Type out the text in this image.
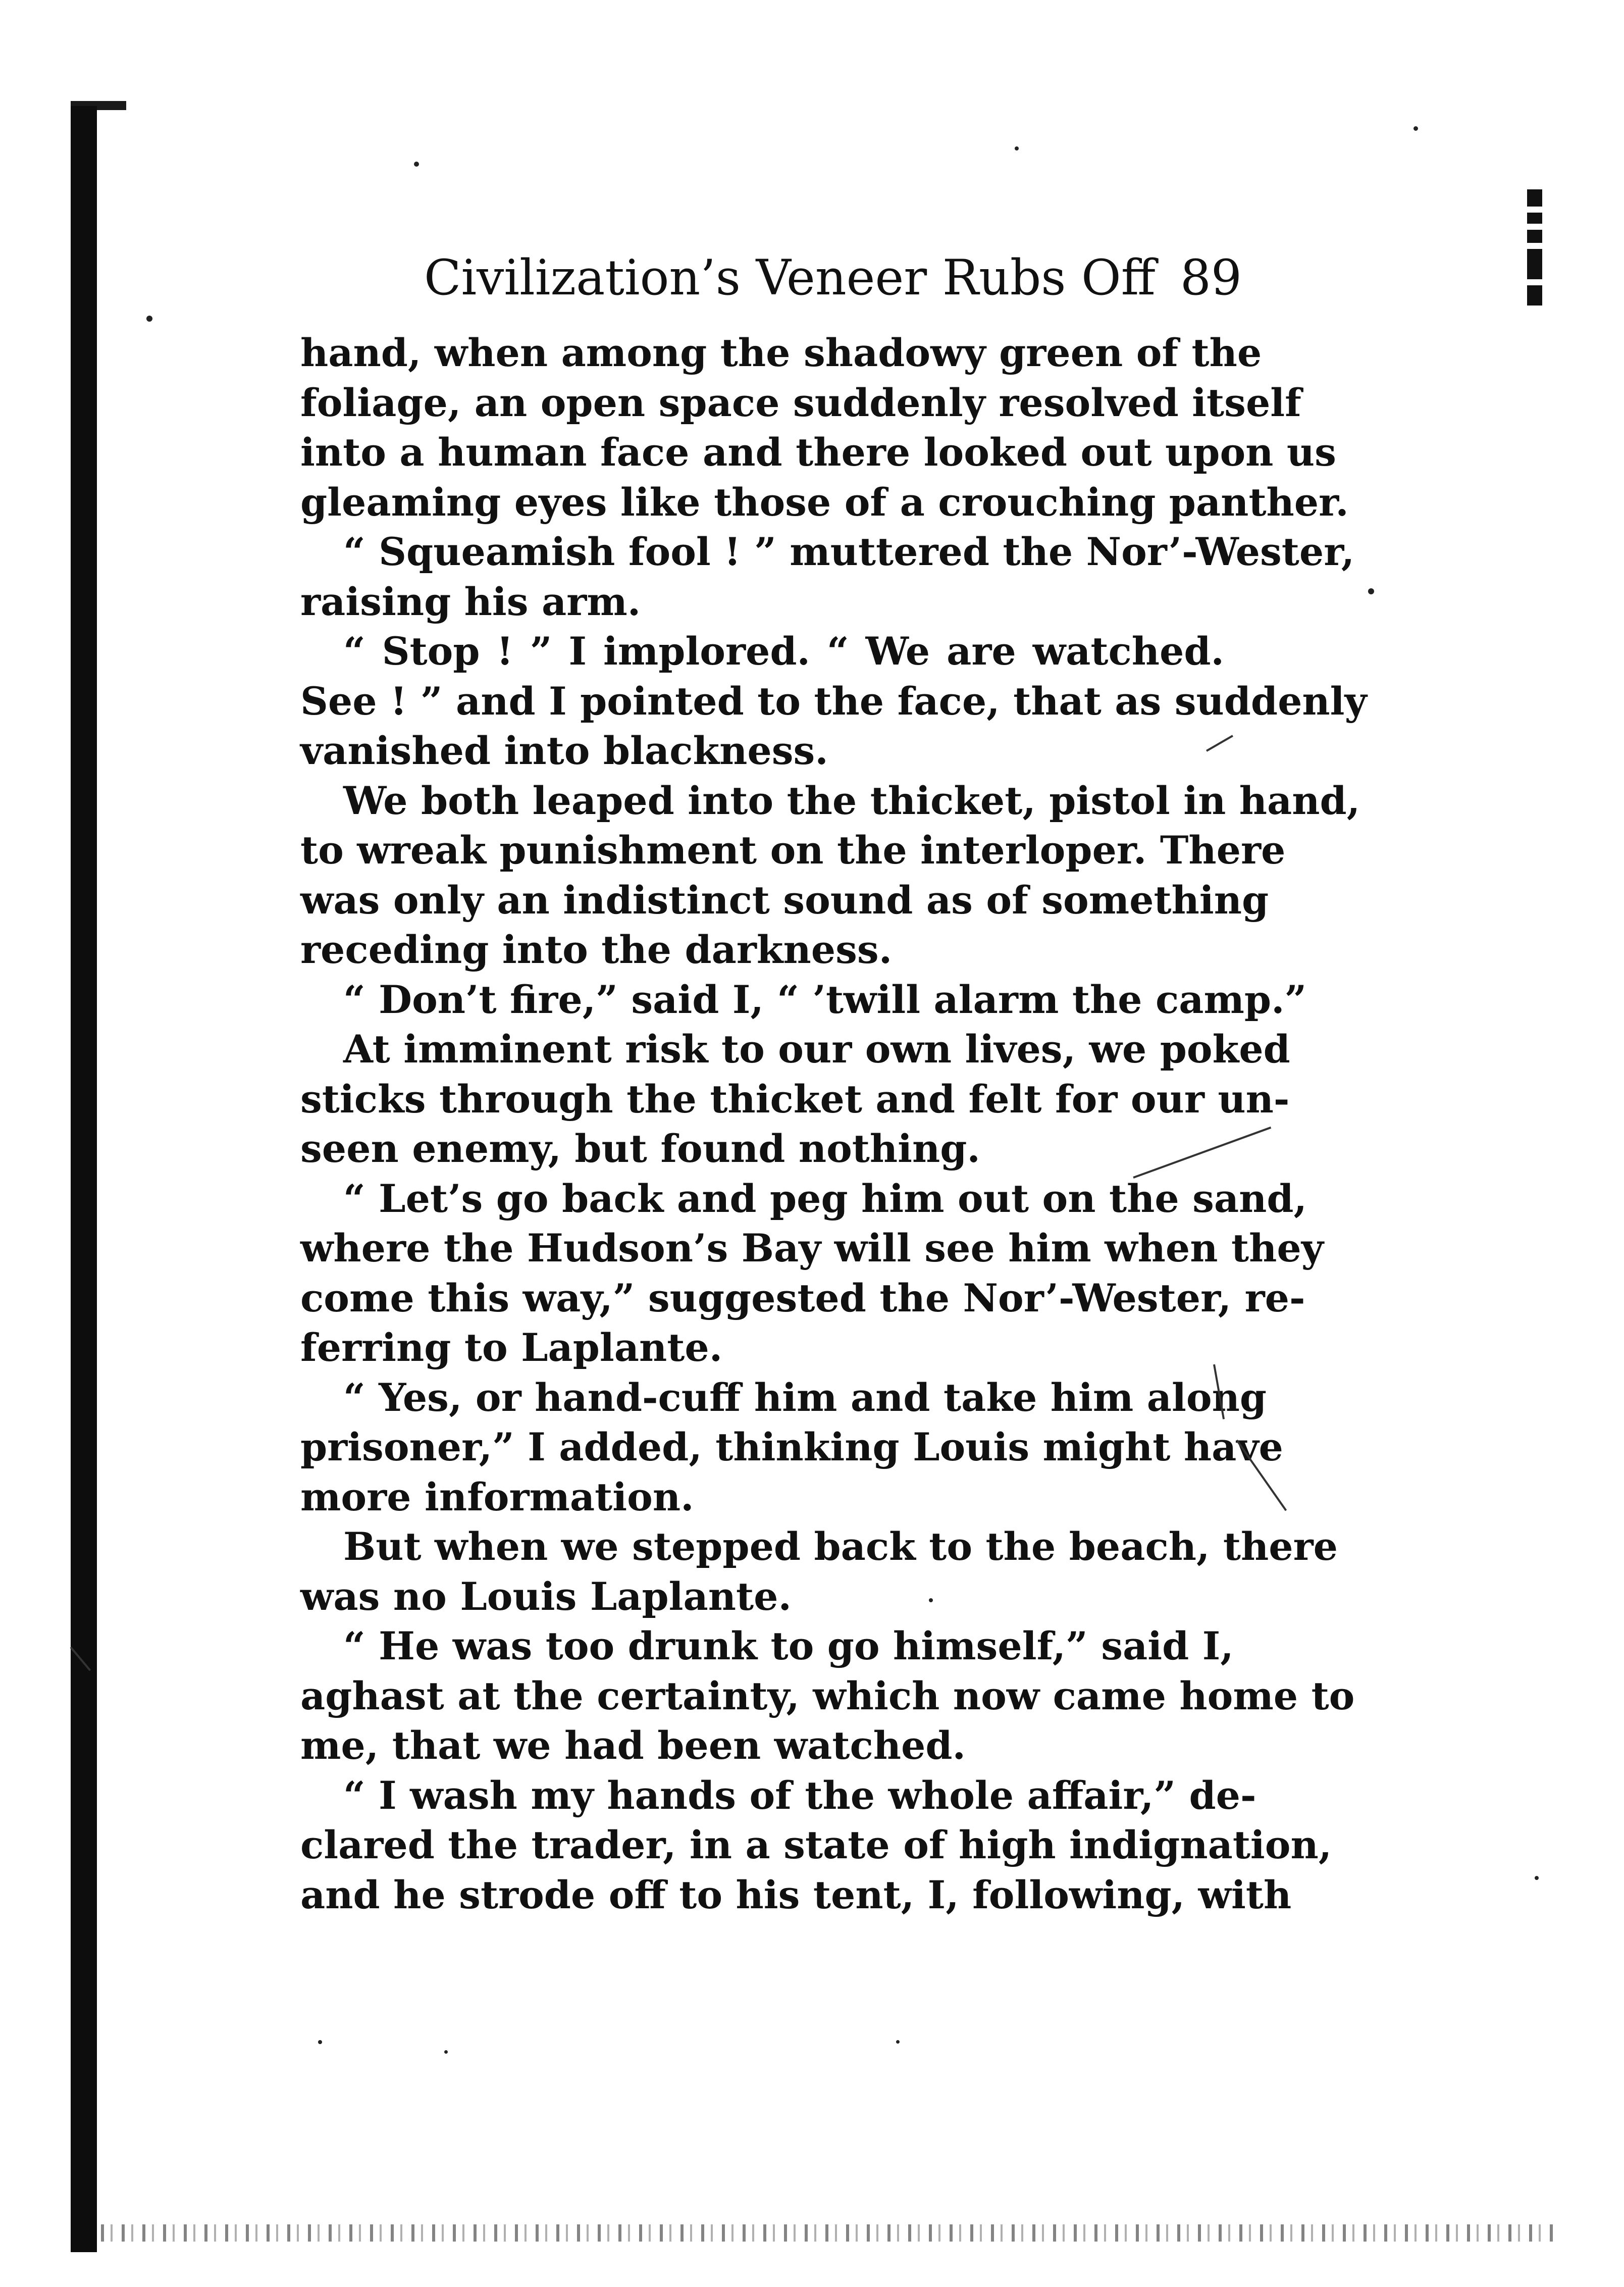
Civilization’s Veneer Rubs Off 89
hand, when among the shadowy green of the
foliage, an open space suddenly resolved itself
into a human face and there looked out upon us
gleaming eyes like those of a crouching panther.
“ Squeamish fool ! ” muttered the Nor’-Wester,
raising his arm.
“ Stop ! ” I implored. “ We are watched.
See ! ” and I pointed to the face, that as suddenly
vanished into blackness.
We both leaped into the thicket, pistol in hand,
to wreak punishment on the interloper. There
was only an indistinct sound as of something
receding into the darkness.
“ Don’t fire,” said I, “ ’twill alarm the camp.”
At imminent risk to our own lives, we poked
sticks through the thicket and felt for our un-
seen enemy, but found nothing.
“ Let’s go back and peg him out on the sand,
where the Hudson’s Bay will see him when they
come this way,” suggested the Nor’-Wester, re-
ferring to Laplante.
“ Yes, or hand-cuff him and take him along
prisoner,” I added, thinking Louis might have
more information.
But when we stepped back to the beach, there
was no Louis Laplante.
“ He was too drunk to go himself,” said I,
aghast at the certainty, which now came home to
me, that we had been watched.
“ I wash my hands of the whole affair,” de-
clared the trader, in a state of high indignation,
and he strode off to his tent, I, following, with
